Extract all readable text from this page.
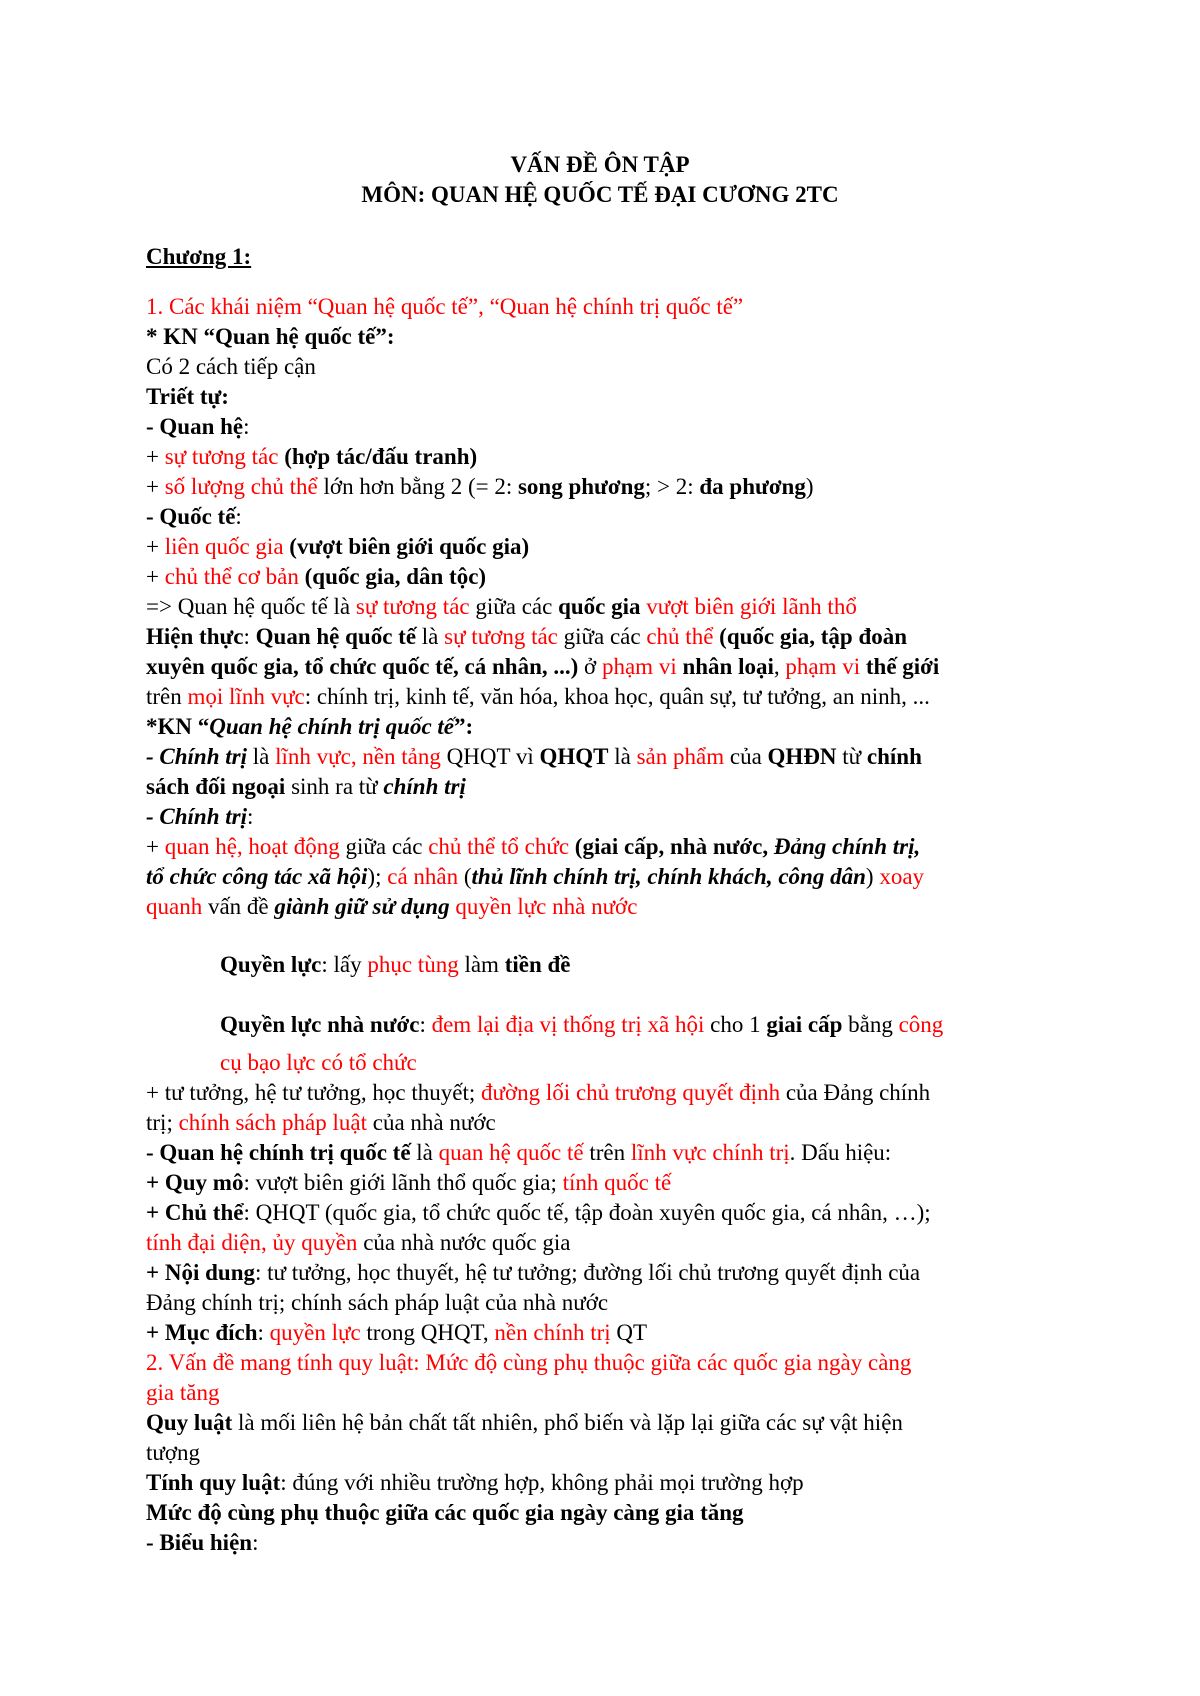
VẤN ĐỀ ÔN TẬP
MÔN: QUAN HỆ QUỐC TẾ ĐẠI CƯƠNG 2TC
Chương 1:
1. Các khái niệm “Quan hệ quốc tế”, “Quan hệ chính trị quốc tế”
* KN “Quan hệ quốc tế”:
Có 2 cách tiếp cận
Triết tự:
- Quan hệ:
+ sự tương tác (hợp tác/đấu tranh)
+ số lượng chủ thể lớn hơn bằng 2 (= 2: song phương; > 2: đa phương)
- Quốc tế:
+ liên quốc gia (vượt biên giới quốc gia)
+ chủ thể cơ bản (quốc gia, dân tộc)
=> Quan hệ quốc tế là sự tương tác giữa các quốc gia vượt biên giới lãnh thổ
Hiện thực: Quan hệ quốc tế là sự tương tác giữa các chủ thể (quốc gia, tập đoàn
xuyên quốc gia, tổ chức quốc tế, cá nhân, ...) ở phạm vi nhân loại, phạm vi thế giới
trên mọi lĩnh vực: chính trị, kinh tế, văn hóa, khoa học, quân sự, tư tưởng, an ninh, ...
*KN “Quan hệ chính trị quốc tế”:
- Chính trị là lĩnh vực, nền tảng QHQT vì QHQT là sản phẩm của QHĐN từ chính
sách đối ngoại sinh ra từ chính trị
- Chính trị:
+ quan hệ, hoạt động giữa các chủ thể tổ chức (giai cấp, nhà nước, Đảng chính trị,
tổ chức công tác xã hội); cá nhân (thủ lĩnh chính trị, chính khách, công dân) xoay
quanh vấn đề giành giữ sử dụng quyền lực nhà nước
Quyền lực: lấy phục tùng làm tiền đề
Quyền lực nhà nước: đem lại địa vị thống trị xã hội cho 1 giai cấp bằng công
cụ bạo lực có tổ chức
+ tư tưởng, hệ tư tưởng, học thuyết; đường lối chủ trương quyết định của Đảng chính
trị; chính sách pháp luật của nhà nước
- Quan hệ chính trị quốc tế là quan hệ quốc tế trên lĩnh vực chính trị. Dấu hiệu:
+ Quy mô: vượt biên giới lãnh thổ quốc gia; tính quốc tế
+ Chủ thể: QHQT (quốc gia, tổ chức quốc tế, tập đoàn xuyên quốc gia, cá nhân, …);
tính đại diện, ủy quyền của nhà nước quốc gia
+ Nội dung: tư tưởng, học thuyết, hệ tư tưởng; đường lối chủ trương quyết định của
Đảng chính trị; chính sách pháp luật của nhà nước
+ Mục đích: quyền lực trong QHQT, nền chính trị QT
2. Vấn đề mang tính quy luật: Mức độ cùng phụ thuộc giữa các quốc gia ngày càng
gia tăng
Quy luật là mối liên hệ bản chất tất nhiên, phổ biến và lặp lại giữa các sự vật hiện
tượng
Tính quy luật: đúng với nhiều trường hợp, không phải mọi trường hợp
Mức độ cùng phụ thuộc giữa các quốc gia ngày càng gia tăng
- Biểu hiện:
